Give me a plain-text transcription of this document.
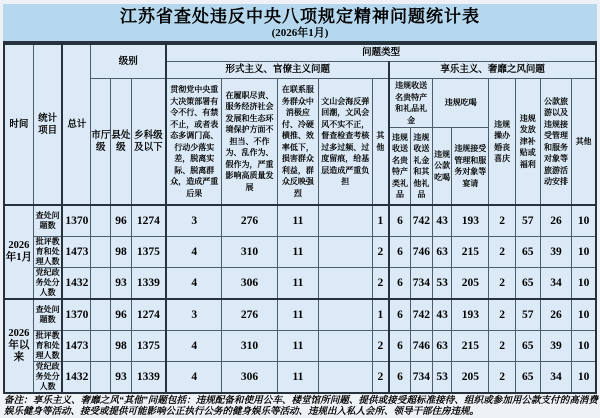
江苏省查处违反中央八项规定精神问题统计表
(2026年1月)
时间	统计项目	总计	级别			问题类型												
						形式主义、官僚主义问题					享乐主义、奢靡之风问题							
			市厅级	县处级	乡科级及以下	贯彻党中央重大决策部署有令不行、有禁不止，或者表态多调门高、行动少落实差，脱离实际、脱离群众，造成严重后果	在履职尽责、服务经济社会发展和生态环境保护方面不担当、不作为、乱作为、假作为，严重影响高质量发展	在联系服务群众中消极应付、冷硬横推、效率低下，损害群众利益，群众反映强烈	文山会海反弹回潮，文风会风不实不正，督查检查考核过多过频、过度留痕，给基层造成严重负担	其他	违规收送名贵特产和礼品礼金		违规吃喝		违规操办婚丧喜庆	违规发放津补贴或福利	公款旅游以及违规接受管理和服务对象等旅游活动安排	其他
											违规收送名贵特产类礼品	违规收送礼金和其他礼品	违规公款吃喝	违规接受管理和服务对象等宴请				
2026年1月	查处问题数	1370		96	1274	3	276	11		1	6	742	43	193	2	57	26	10
	批评教育和处理人数	1473		98	1375	4	310	11		2	6	746	63	215	2	65	39	10
	党纪政务处分人数	1432		93	1339	4	306	11		2	6	734	53	205	2	65	34	10
2026年以来	查处问题数	1370		96	1274	3	276	11		1	6	742	43	193	2	57	26	10
	批评教育和处理人数	1473		98	1375	4	310	11		2	6	746	63	215	2	65	39	10
	党纪政务处分人数	1432		93	1339	4	306	11		2	6	734	53	205	2	65	34	10
备注：享乐主义、奢靡之风“其他”问题包括：违规配备和使用公车、楼堂馆所问题、提供或接受超标准接待、组织或参加用公款支付的高消费娱乐健身等活动、接受或提供可能影响公正执行公务的健身娱乐等活动、违规出入私人会所、领导干部住房违规。
